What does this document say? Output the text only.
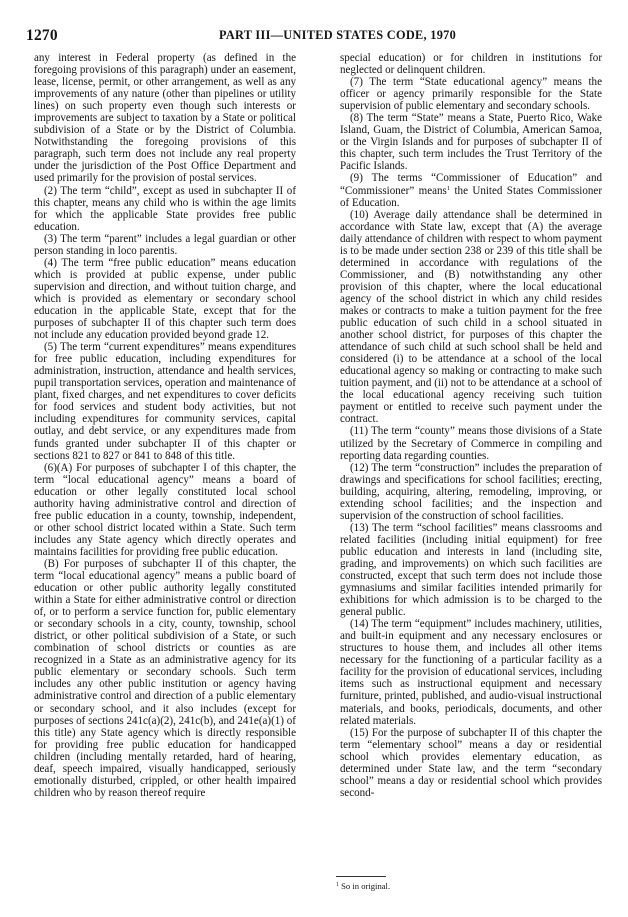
1270	PART III—UNITED STATES CODE, 1970

any interest in Federal property (as defined in the foregoing provisions of this paragraph) under an easement, lease, license, permit, or other arrangement, as well as any improvements of any nature (other than pipelines or utility lines) on such property even though such interests or improvements are subject to taxation by a State or political subdivision of a State or by the District of Columbia. Notwithstanding the foregoing provisions of this paragraph, such term does not include any real property under the jurisdiction of the Post Office Department and used primarily for the provision of postal services.

(2) The term “child”, except as used in subchapter II of this chapter, means any child who is within the age limits for which the applicable State provides free public education.

(3) The term “parent” includes a legal guardian or other person standing in loco parentis.

(4) The term “free public education” means education which is provided at public expense, under public supervision and direction, and without tuition charge, and which is provided as elementary or secondary school education in the applicable State, except that for the purposes of subchapter II of this chapter such term does not include any education provided beyond grade 12.

(5) The term “current expenditures” means expenditures for free public education, including expenditures for administration, instruction, attendance and health services, pupil transportation services, operation and maintenance of plant, fixed charges, and net expenditures to cover deficits for food services and student body activities, but not including expenditures for community services, capital outlay, and debt service, or any expenditures made from funds granted under subchapter II of this chapter or sections 821 to 827 or 841 to 848 of this title.

(6)(A) For purposes of subchapter I of this chapter, the term “local educational agency” means a board of education or other legally constituted local school authority having administrative control and direction of free public education in a county, township, independent, or other school district located within a State. Such term includes any State agency which directly operates and maintains facilities for providing free public education.

(B) For purposes of subchapter II of this chapter, the term “local educational agency” means a public board of education or other public authority legally constituted within a State for either administrative control or direction of, or to perform a service function for, public elementary or secondary schools in a city, county, township, school district, or other political subdivision of a State, or such combination of school districts or counties as are recognized in a State as an administrative agency for its public elementary or secondary schools. Such term includes any other public institution or agency having administrative control and direction of a public elementary or secondary school, and it also includes (except for purposes of sections 241c(a)(2), 241c(b), and 241e(a)(1) of this title) any State agency which is directly responsible for providing free public education for handicapped children (including mentally retarded, hard of hearing, deaf, speech impaired, visually handicapped, seriously emotionally disturbed, crippled, or other health impaired children who by reason thereof require

special education) or for children in institutions for neglected or delinquent children.

(7) The term “State educational agency” means the officer or agency primarily responsible for the State supervision of public elementary and secondary schools.

(8) The term “State” means a State, Puerto Rico, Wake Island, Guam, the District of Columbia, American Samoa, or the Virgin Islands and for purposes of subchapter II of this chapter, such term includes the Trust Territory of the Pacific Islands.

(9) The terms “Commissioner of Education” and “Commissioner” means$^1$ the United States Commissioner of Education.

(10) Average daily attendance shall be determined in accordance with State law, except that (A) the average daily attendance of children with respect to whom payment is to be made under section 238 or 239 of this title shall be determined in accordance with regulations of the Commissioner, and (B) notwithstanding any other provision of this chapter, where the local educational agency of the school district in which any child resides makes or contracts to make a tuition payment for the free public education of such child in a school situated in another school district, for purposes of this chapter the attendance of such child at such school shall be held and considered (i) to be attendance at a school of the local educational agency so making or contracting to make such tuition payment, and (ii) not to be attendance at a school of the local educational agency receiving such tuition payment or entitled to receive such payment under the contract.

(11) The term “county” means those divisions of a State utilized by the Secretary of Commerce in compiling and reporting data regarding counties.

(12) The term “construction” includes the preparation of drawings and specifications for school facilities; erecting, building, acquiring, altering, remodeling, improving, or extending school facilities; and the inspection and supervision of the construction of school facilities.

(13) The term “school facilities” means classrooms and related facilities (including initial equipment) for free public education and interests in land (including site, grading, and improvements) on which such facilities are constructed, except that such term does not include those gymnasiums and similar facilities intended primarily for exhibitions for which admission is to be charged to the general public.

(14) The term “equipment” includes machinery, utilities, and built-in equipment and any necessary enclosures or structures to house them, and includes all other items necessary for the functioning of a particular facility as a facility for the provision of educational services, including items such as instructional equipment and necessary furniture, printed, published, and audio-visual instructional materials, and books, periodicals, documents, and other related materials.

(15) For the purpose of subchapter II of this chapter the term “elementary school” means a day or residential school which provides elementary education, as determined under State law, and the term “secondary school” means a day or residential school which provides second-

$^1$ So in original.
